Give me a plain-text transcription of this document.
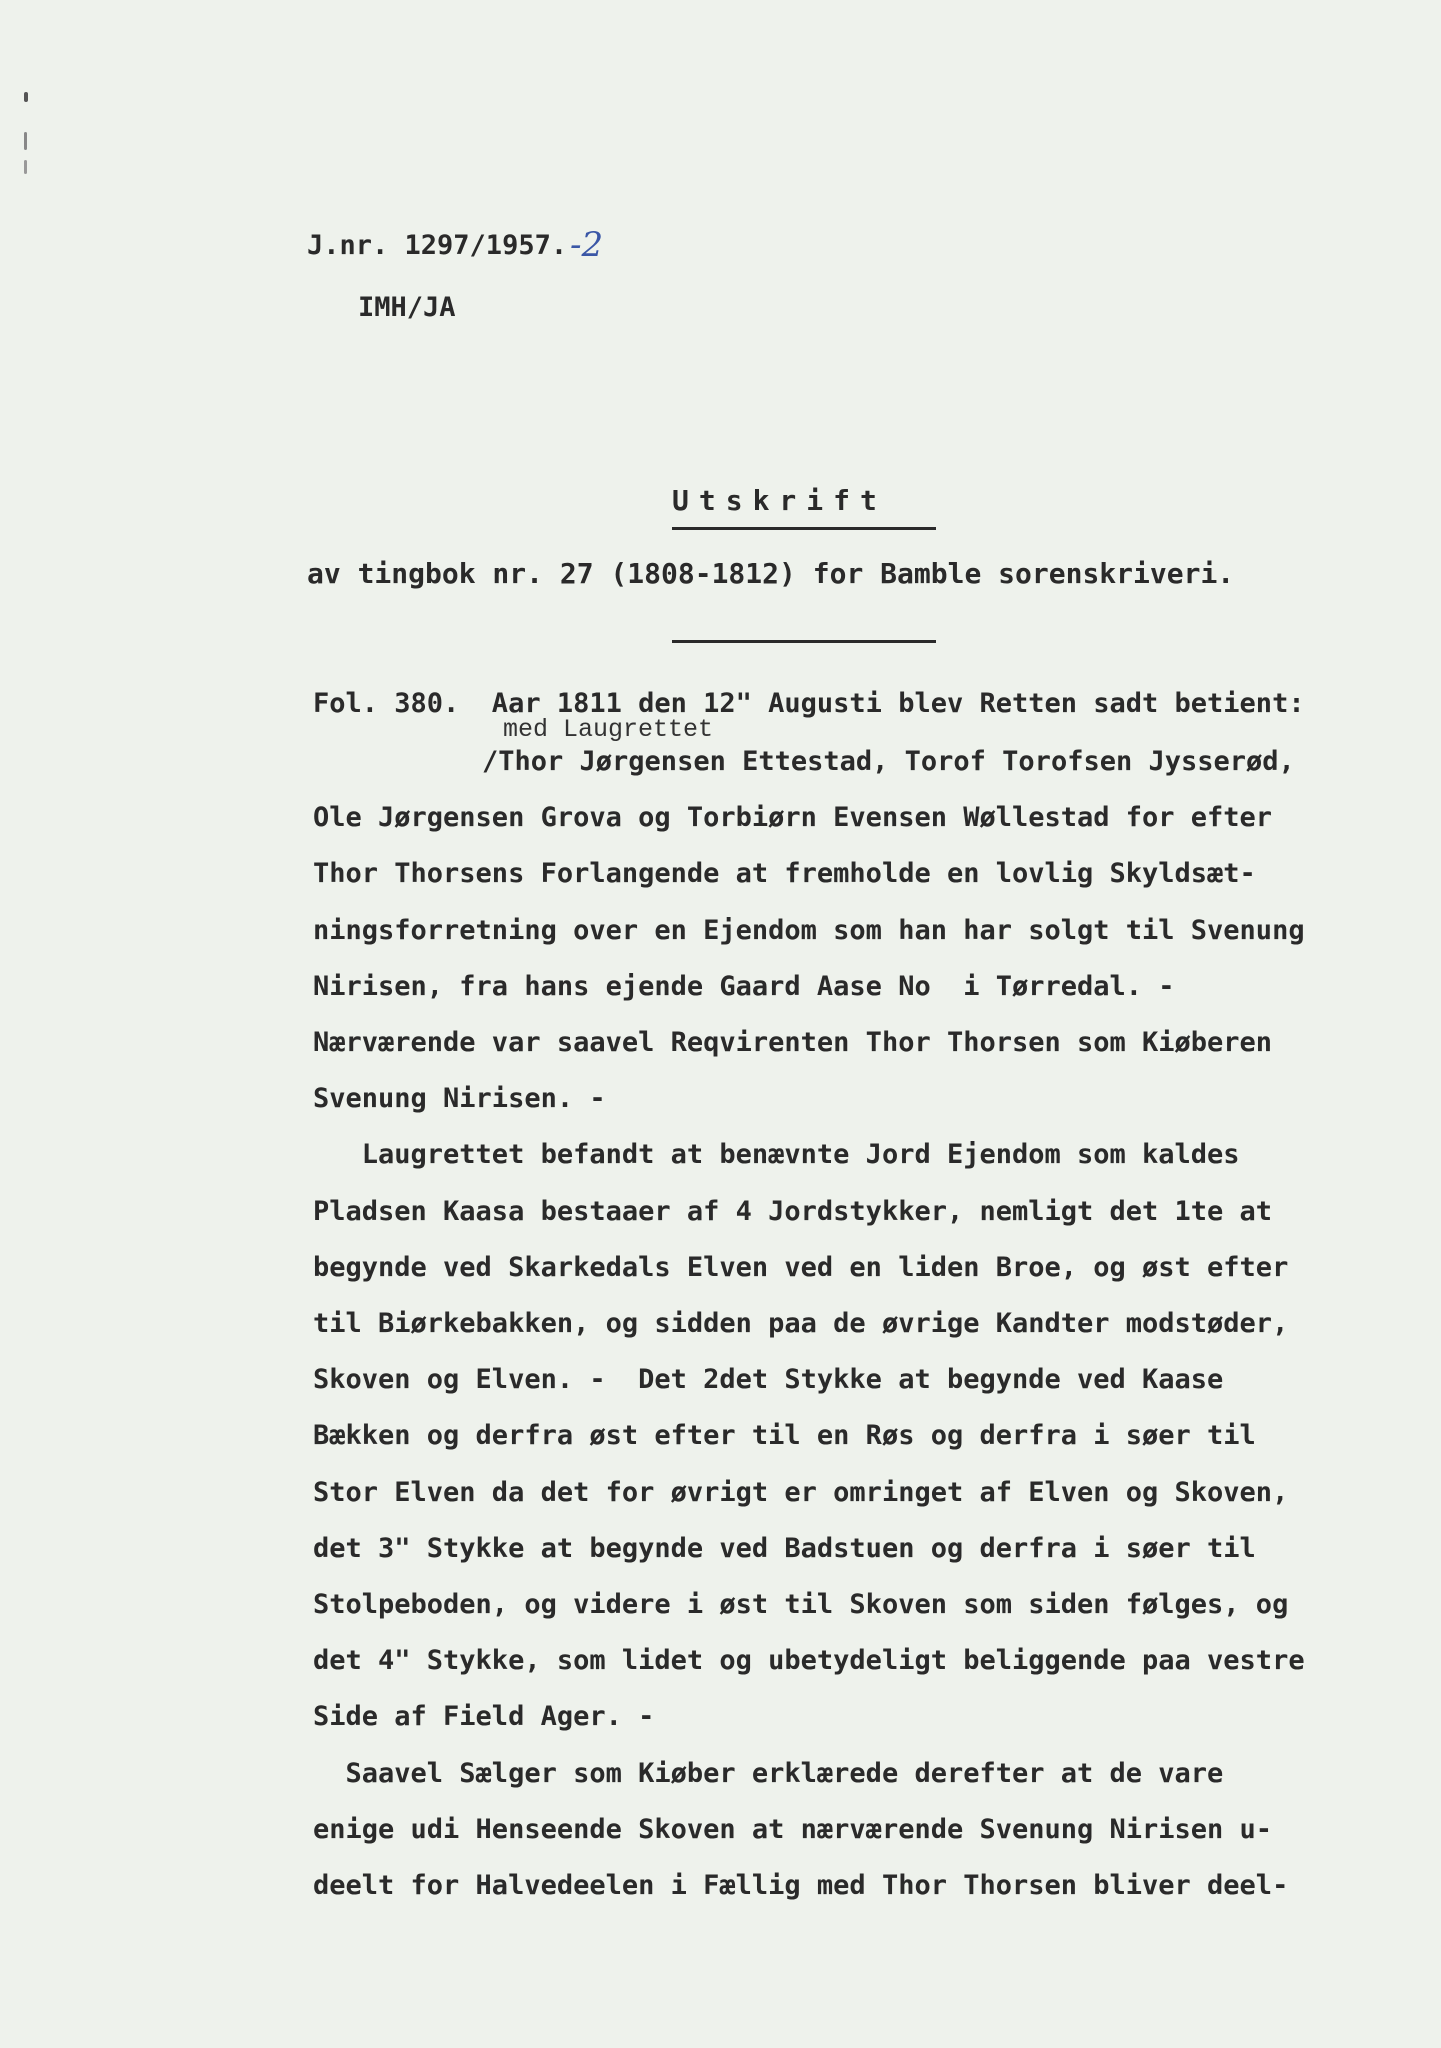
J.nr. 1297/1957. -2
IMH/JA
Utskrift
av tingbok nr. 27 (1808-1812) for Bamble sorenskriveri.
med Laugrettet
Fol. 380.  Aar 1811 den 12" Augusti blev Retten sadt betient:
/Thor Jørgensen Ettestad, Torof Torofsen Jysserød,
Ole Jørgensen Grova og Torbiørn Evensen Wøllestad for efter
Thor Thorsens Forlangende at fremholde en lovlig Skyldsæt-
ningsforretning over en Ejendom som han har solgt til Svenung
Nirisen, fra hans ejende Gaard Aase No  i Tørredal. -
Nærværende var saavel Reqvirenten Thor Thorsen som Kiøberen
Svenung Nirisen. -
Laugrettet befandt at benævnte Jord Ejendom som kaldes
Pladsen Kaasa bestaaer af 4 Jordstykker, nemligt det 1te at
begynde ved Skarkedals Elven ved en liden Broe, og øst efter
til Biørkebakken, og sidden paa de øvrige Kandter modstøder,
Skoven og Elven. -  Det 2det Stykke at begynde ved Kaase
Bækken og derfra øst efter til en Røs og derfra i søer til
Stor Elven da det for øvrigt er omringet af Elven og Skoven,
det 3" Stykke at begynde ved Badstuen og derfra i søer til
Stolpeboden, og videre i øst til Skoven som siden følges, og
det 4" Stykke, som lidet og ubetydeligt beliggende paa vestre
Side af Field Ager. -
Saavel Sælger som Kiøber erklærede derefter at de vare
enige udi Henseende Skoven at nærværende Svenung Nirisen u-
deelt for Halvedeelen i Fællig med Thor Thorsen bliver deel-
